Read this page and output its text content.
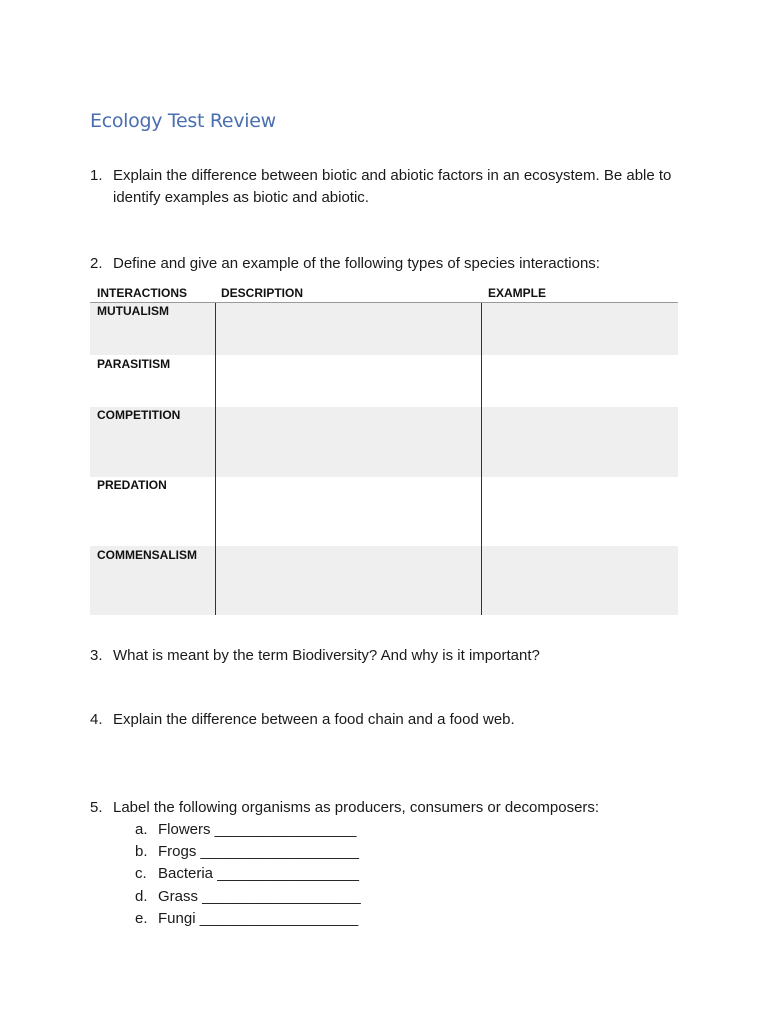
Ecology Test Review
1. Explain the difference between biotic and abiotic factors in an ecosystem. Be able to identify examples as biotic and abiotic.
2. Define and give an example of the following types of species interactions:
INTERACTIONS	DESCRIPTION	EXAMPLE
MUTUALISM
PARASITISM
COMPETITION
PREDATION
COMMENSALISM
3. What is meant by the term Biodiversity? And why is it important?
4. Explain the difference between a food chain and a food web.
5. Label the following organisms as producers, consumers or decomposers:
a. Flowers _________________
b. Frogs ___________________
c. Bacteria _________________
d. Grass ___________________
e. Fungi ___________________
